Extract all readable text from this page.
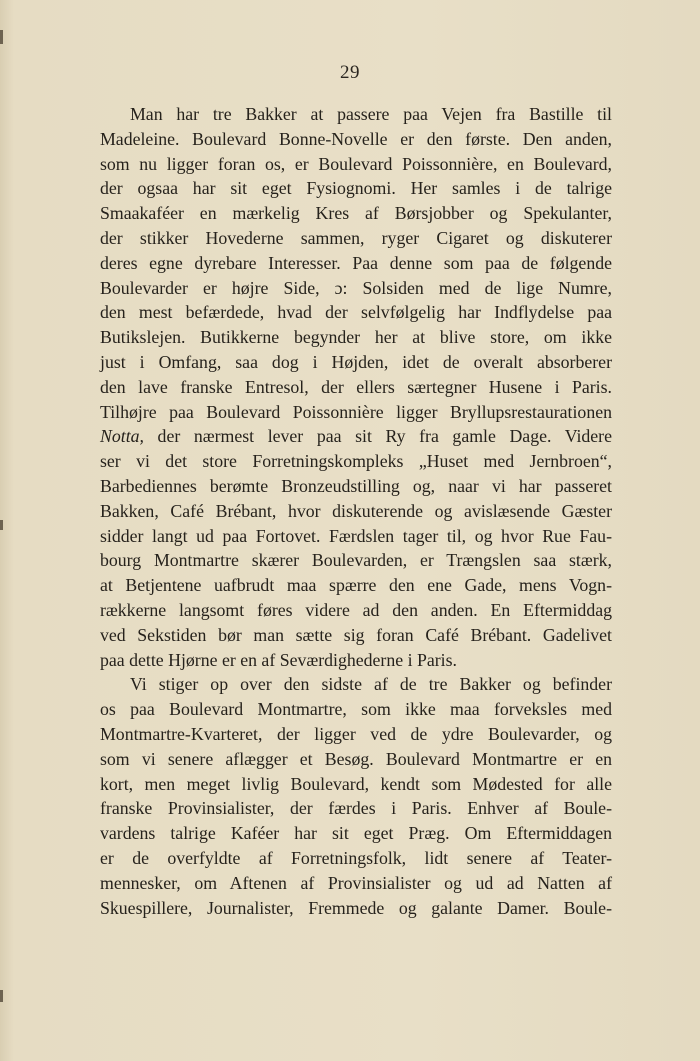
29
Man har tre Bakker at passere paa Vejen fra Bastille til
Madeleine. Boulevard Bonne-Novelle er den første. Den anden,
som nu ligger foran os, er Boulevard Poissonnière, en Boulevard,
der ogsaa har sit eget Fysiognomi. Her samles i de talrige
Smaakaféer en mærkelig Kres af Børsjobber og Spekulanter,
der stikker Hovederne sammen, ryger Cigaret og diskuterer
deres egne dyrebare Interesser. Paa denne som paa de følgende
Boulevarder er højre Side, ɔ: Solsiden med de lige Numre,
den mest befærdede, hvad der selvfølgelig har Indflydelse paa
Butikslejen. Butikkerne begynder her at blive store, om ikke
just i Omfang, saa dog i Højden, idet de overalt absorberer
den lave franske Entresol, der ellers særtegner Husene i Paris.
Tilhøjre paa Boulevard Poissonnière ligger Bryllupsrestaurationen
Notta, der nærmest lever paa sit Ry fra gamle Dage. Videre
ser vi det store Forretningskompleks „Huset med Jernbroen“,
Barbediennes berømte Bronzeudstilling og, naar vi har passeret
Bakken, Café Brébant, hvor diskuterende og avislæsende Gæster
sidder langt ud paa Fortovet. Færdslen tager til, og hvor Rue Fau-
bourg Montmartre skærer Boulevarden, er Trængslen saa stærk,
at Betjentene uafbrudt maa spærre den ene Gade, mens Vogn-
rækkerne langsomt føres videre ad den anden. En Eftermiddag
ved Sekstiden bør man sætte sig foran Café Brébant. Gadelivet
paa dette Hjørne er en af Seværdighederne i Paris.
Vi stiger op over den sidste af de tre Bakker og befinder
os paa Boulevard Montmartre, som ikke maa forveksles med
Montmartre-Kvarteret, der ligger ved de ydre Boulevarder, og
som vi senere aflægger et Besøg. Boulevard Montmartre er en
kort, men meget livlig Boulevard, kendt som Mødested for alle
franske Provinsialister, der færdes i Paris. Enhver af Boule-
vardens talrige Kaféer har sit eget Præg. Om Eftermiddagen
er de overfyldte af Forretningsfolk, lidt senere af Teater-
mennesker, om Aftenen af Provinsialister og ud ad Natten af
Skuespillere, Journalister, Fremmede og galante Damer. Boule-
